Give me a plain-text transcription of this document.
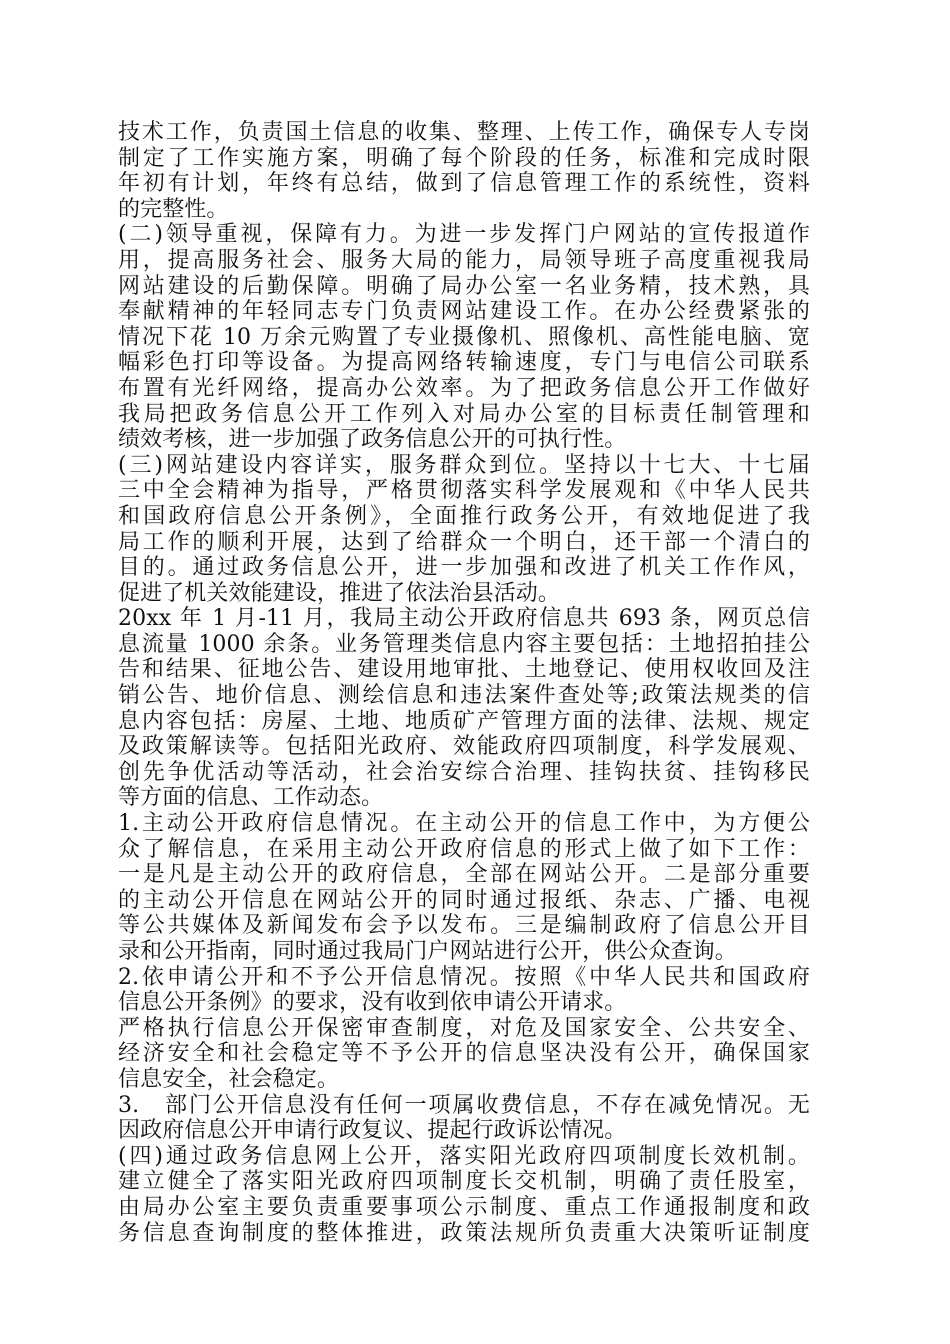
技术工作，负责国土信息的收集、整理、上传工作，确保专人专岗
制定了工作实施方案，明确了每个阶段的任务，标准和完成时限
年初有计划，年终有总结，做到了信息管理工作的系统性，资料
的完整性。
(二)领导重视，保障有力。为进一步发挥门户网站的宣传报道作
用，提高服务社会、服务大局的能力，局领导班子高度重视我局
网站建设的后勤保障。明确了局办公室一名业务精，技术熟，具
奉献精神的年轻同志专门负责网站建设工作。在办公经费紧张的
情况下花 10 万余元购置了专业摄像机、照像机、高性能电脑、宽
幅彩色打印等设备。为提高网络转输速度，专门与电信公司联系
布置有光纤网络，提高办公效率。为了把政务信息公开工作做好
我局把政务信息公开工作列入对局办公室的目标责任制管理和
绩效考核，进一步加强了政务信息公开的可执行性。
(三)网站建设内容详实，服务群众到位。坚持以十七大、十七届
三中全会精神为指导，严格贯彻落实科学发展观和《中华人民共
和国政府信息公开条例》，全面推行政务公开，有效地促进了我
局工作的顺利开展，达到了给群众一个明白，还干部一个清白的
目的。通过政务信息公开，进一步加强和改进了机关工作作风，
促进了机关效能建设，推进了依法治县活动。
20xx 年 1 月-11 月，我局主动公开政府信息共 693 条，网页总信
息流量 1000 余条。业务管理类信息内容主要包括：土地招拍挂公
告和结果、征地公告、建设用地审批、土地登记、使用权收回及注
销公告、地价信息、测绘信息和违法案件查处等;政策法规类的信
息内容包括：房屋、土地、地质矿产管理方面的法律、法规、规定
及政策解读等。包括阳光政府、效能政府四项制度，科学发展观、
创先争优活动等活动，社会治安综合治理、挂钩扶贫、挂钩移民
等方面的信息、工作动态。
1.主动公开政府信息情况。在主动公开的信息工作中，为方便公
众了解信息，在采用主动公开政府信息的形式上做了如下工作：
一是凡是主动公开的政府信息，全部在网站公开。二是部分重要
的主动公开信息在网站公开的同时通过报纸、杂志、广播、电视
等公共媒体及新闻发布会予以发布。三是编制政府了信息公开目
录和公开指南，同时通过我局门户网站进行公开，供公众查询。
2.依申请公开和不予公开信息情况。按照《中华人民共和国政府
信息公开条例》的要求，没有收到依申请公开请求。
严格执行信息公开保密审查制度，对危及国家安全、公共安全、
经济安全和社会稳定等不予公开的信息坚决没有公开，确保国家
信息安全，社会稳定。
3.　部门公开信息没有任何一项属收费信息，不存在减免情况。无
因政府信息公开申请行政复议、提起行政诉讼情况。
(四)通过政务信息网上公开，落实阳光政府四项制度长效机制。
建立健全了落实阳光政府四项制度长交机制，明确了责任股室，
由局办公室主要负责重要事项公示制度、重点工作通报制度和政
务信息查询制度的整体推进，政策法规所负责重大决策听证制度
